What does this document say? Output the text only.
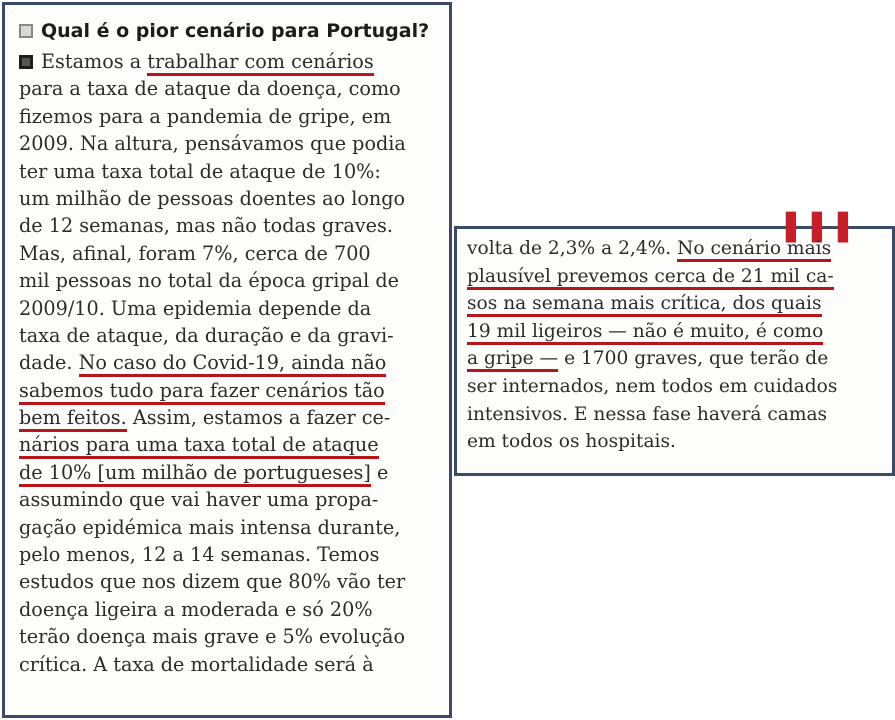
Qual é o pior cenário para Portugal?
Estamos a trabalhar com cenários
para a taxa de ataque da doença, como
fizemos para a pandemia de gripe, em
2009. Na altura, pensávamos que podia
ter uma taxa total de ataque de 10%:
um milhão de pessoas doentes ao longo
de 12 semanas, mas não todas graves.
Mas, afinal, foram 7%, cerca de 700
mil pessoas no total da época gripal de
2009/10. Uma epidemia depende da
taxa de ataque, da duração e da gravi-
dade. No caso do Covid-19, ainda não
sabemos tudo para fazer cenários tão
bem feitos. Assim, estamos a fazer ce-
nários para uma taxa total de ataque
de 10% [um milhão de portugueses] e
assumindo que vai haver uma propa-
gação epidémica mais intensa durante,
pelo menos, 12 a 14 semanas. Temos
estudos que nos dizem que 80% vão ter
doença ligeira a moderada e só 20%
terão doença mais grave e 5% evolução
crítica. A taxa de mortalidade será à
▌▌▌
volta de 2,3% a 2,4%. No cenário mais
plausível prevemos cerca de 21 mil ca-
sos na semana mais crítica, dos quais
19 mil ligeiros — não é muito, é como
a gripe — e 1700 graves, que terão de
ser internados, nem todos em cuidados
intensivos. E nessa fase haverá camas
em todos os hospitais.
